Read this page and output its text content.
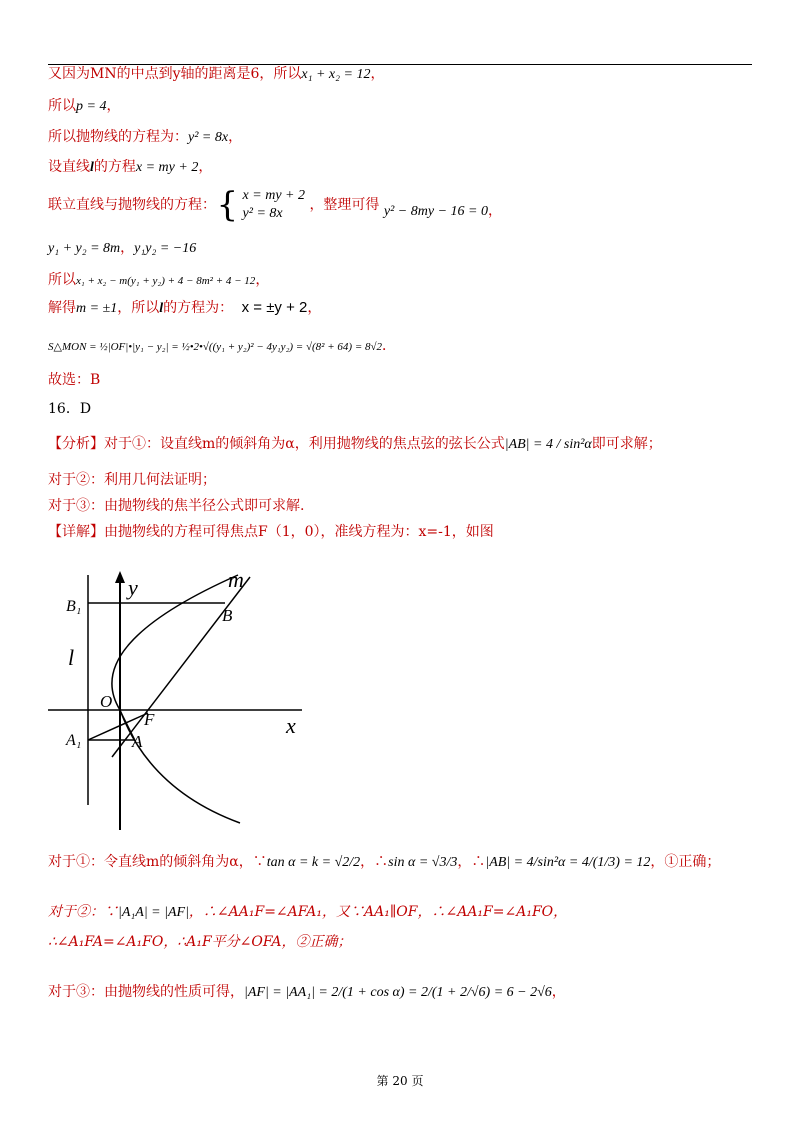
又因为MN的中点到y轴的距离是6，所以x₁ + x₂ = 12，
所以p = 4，
所以抛物线的方程为：y² = 8x，
设直线l的方程x = my + 2，
联立直线与抛物线的方程： { x = my + 2
y² = 8x
，整理可得 y² − 8my − 16 = 0，
y₁ + y₂ = 8m，y₁y₂ = −16
所以x₁ + x₂ − m(y₁ + y₂) + 4 − 8m² + 4 − 12，
解得m = ±1，所以l的方程为： x = ±y + 2，
S△MON = ½|OF|•|y₁ − y₂| = ½•2•√((y₁ + y₂)² − 4y₁y₂) = √(8² + 64) = 8√2．
故选：B
16．D
【分析】对于①：设直线m的倾斜角为α，利用抛物线的焦点弦的弦长公式|AB| = 4 / sin²α即可求解；
对于②：利用几何法证明；
对于③：由抛物线的焦半径公式即可求解.
【详解】由抛物线的方程可得焦点F（1，0），准线方程为：x=-1，如图
y
x
m
B₁	B
l
O
F
A₁	A
对于①：令直线m的倾斜角为α，∵tan α = k = √2/2，∴sin α = √3/3，∴|AB| = 4/sin²α = 4/(1/3) = 12，①正确；
对于②：∵|A₁A| = |AF|，∴∠AA₁F=∠AFA₁，又∵AA₁∥OF，∴∠AA₁F=∠A₁FO，
∴∠A₁FA=∠A₁FO，∴A₁F平分∠OFA，②正确；
对于③：由抛物线的性质可得，|AF| = |AA₁| = 2/(1 + cos α) = 2/(1 + 2/√6) = 6 − 2√6，
第 20 页
